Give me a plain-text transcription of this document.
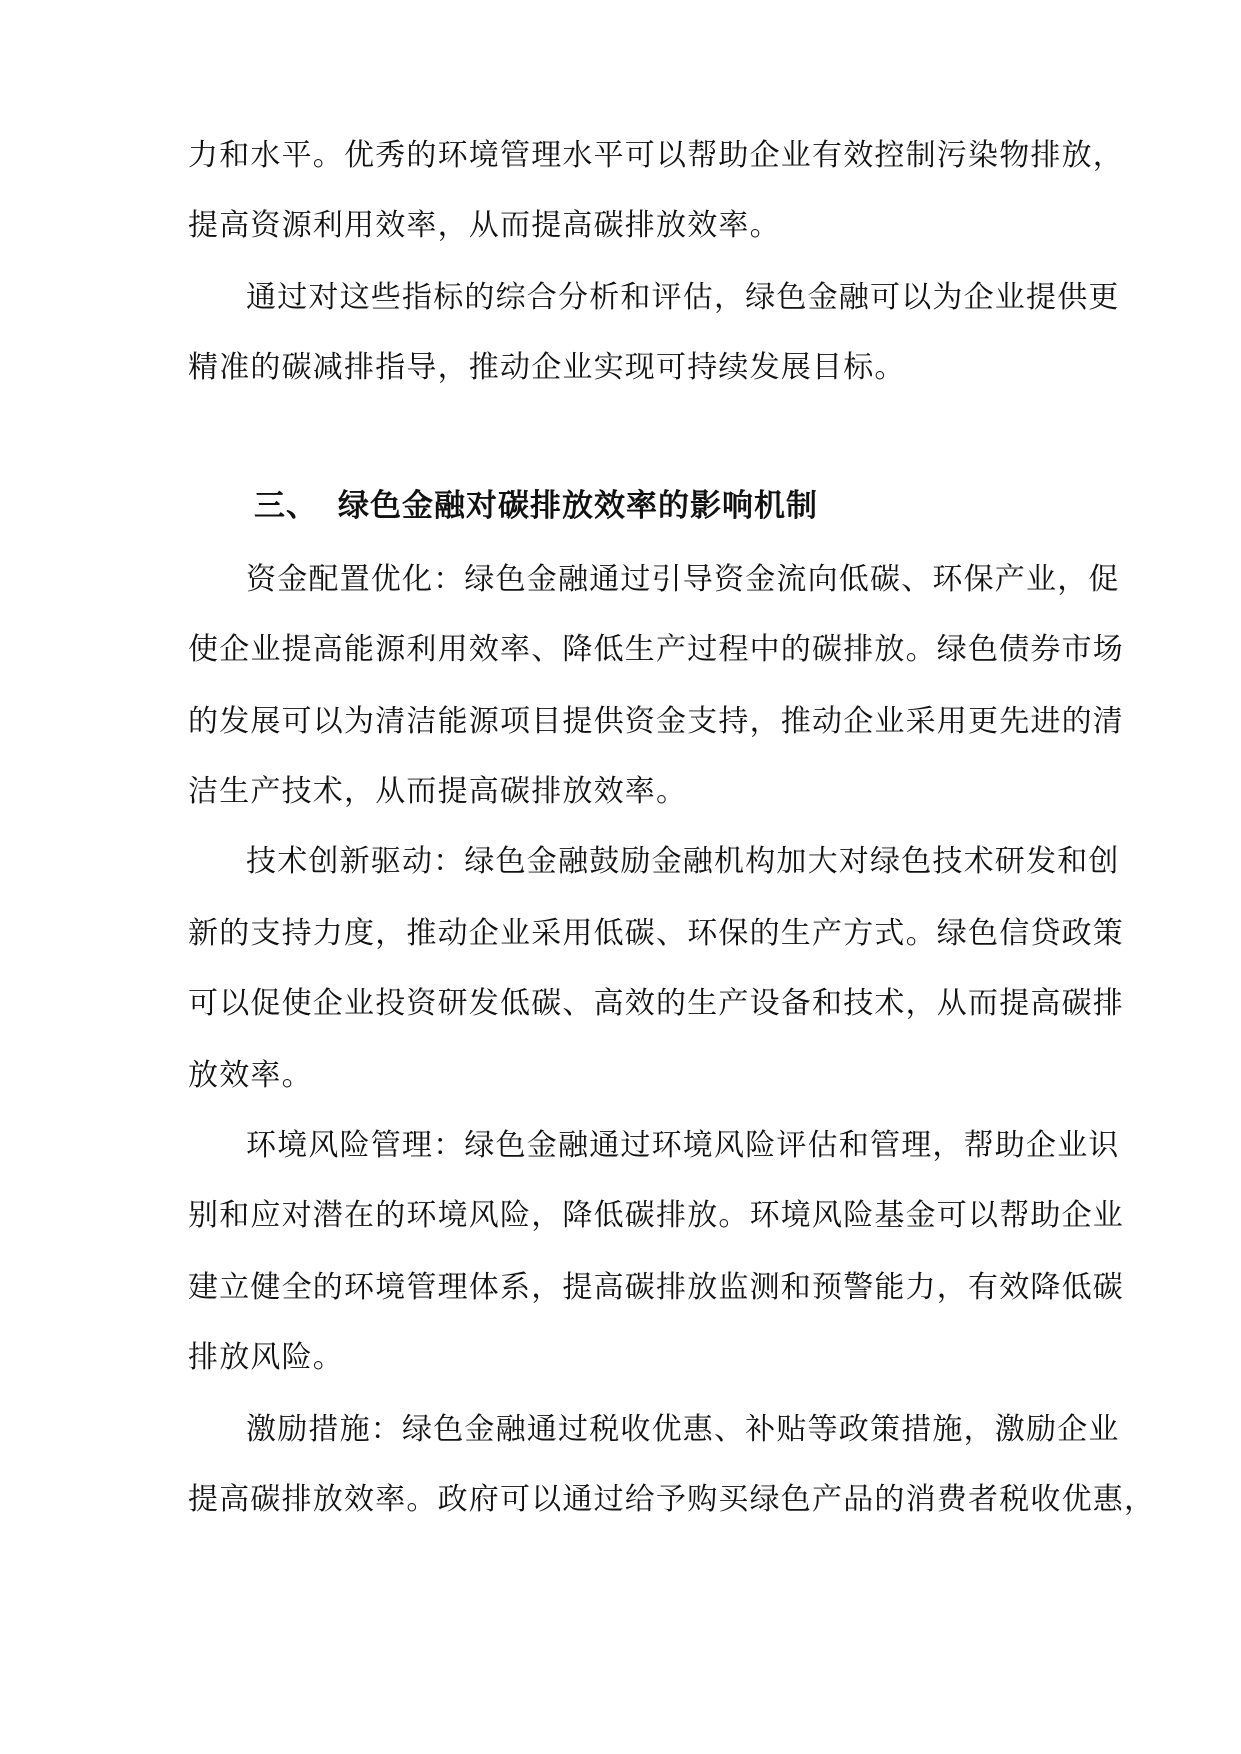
力和水平。优秀的环境管理水平可以帮助企业有效控制污染物排放，
提高资源利用效率，从而提高碳排放效率。
通过对这些指标的综合分析和评估，绿色金融可以为企业提供更
精准的碳减排指导，推动企业实现可持续发展目标。
三、 绿色金融对碳排放效率的影响机制
资金配置优化：绿色金融通过引导资金流向低碳、环保产业，促
使企业提高能源利用效率、降低生产过程中的碳排放。绿色债券市场
的发展可以为清洁能源项目提供资金支持，推动企业采用更先进的清
洁生产技术，从而提高碳排放效率。
技术创新驱动：绿色金融鼓励金融机构加大对绿色技术研发和创
新的支持力度，推动企业采用低碳、环保的生产方式。绿色信贷政策
可以促使企业投资研发低碳、高效的生产设备和技术，从而提高碳排
放效率。
环境风险管理：绿色金融通过环境风险评估和管理，帮助企业识
别和应对潜在的环境风险，降低碳排放。环境风险基金可以帮助企业
建立健全的环境管理体系，提高碳排放监测和预警能力，有效降低碳
排放风险。
激励措施：绿色金融通过税收优惠、补贴等政策措施，激励企业
提高碳排放效率。政府可以通过给予购买绿色产品的消费者税收优惠，
